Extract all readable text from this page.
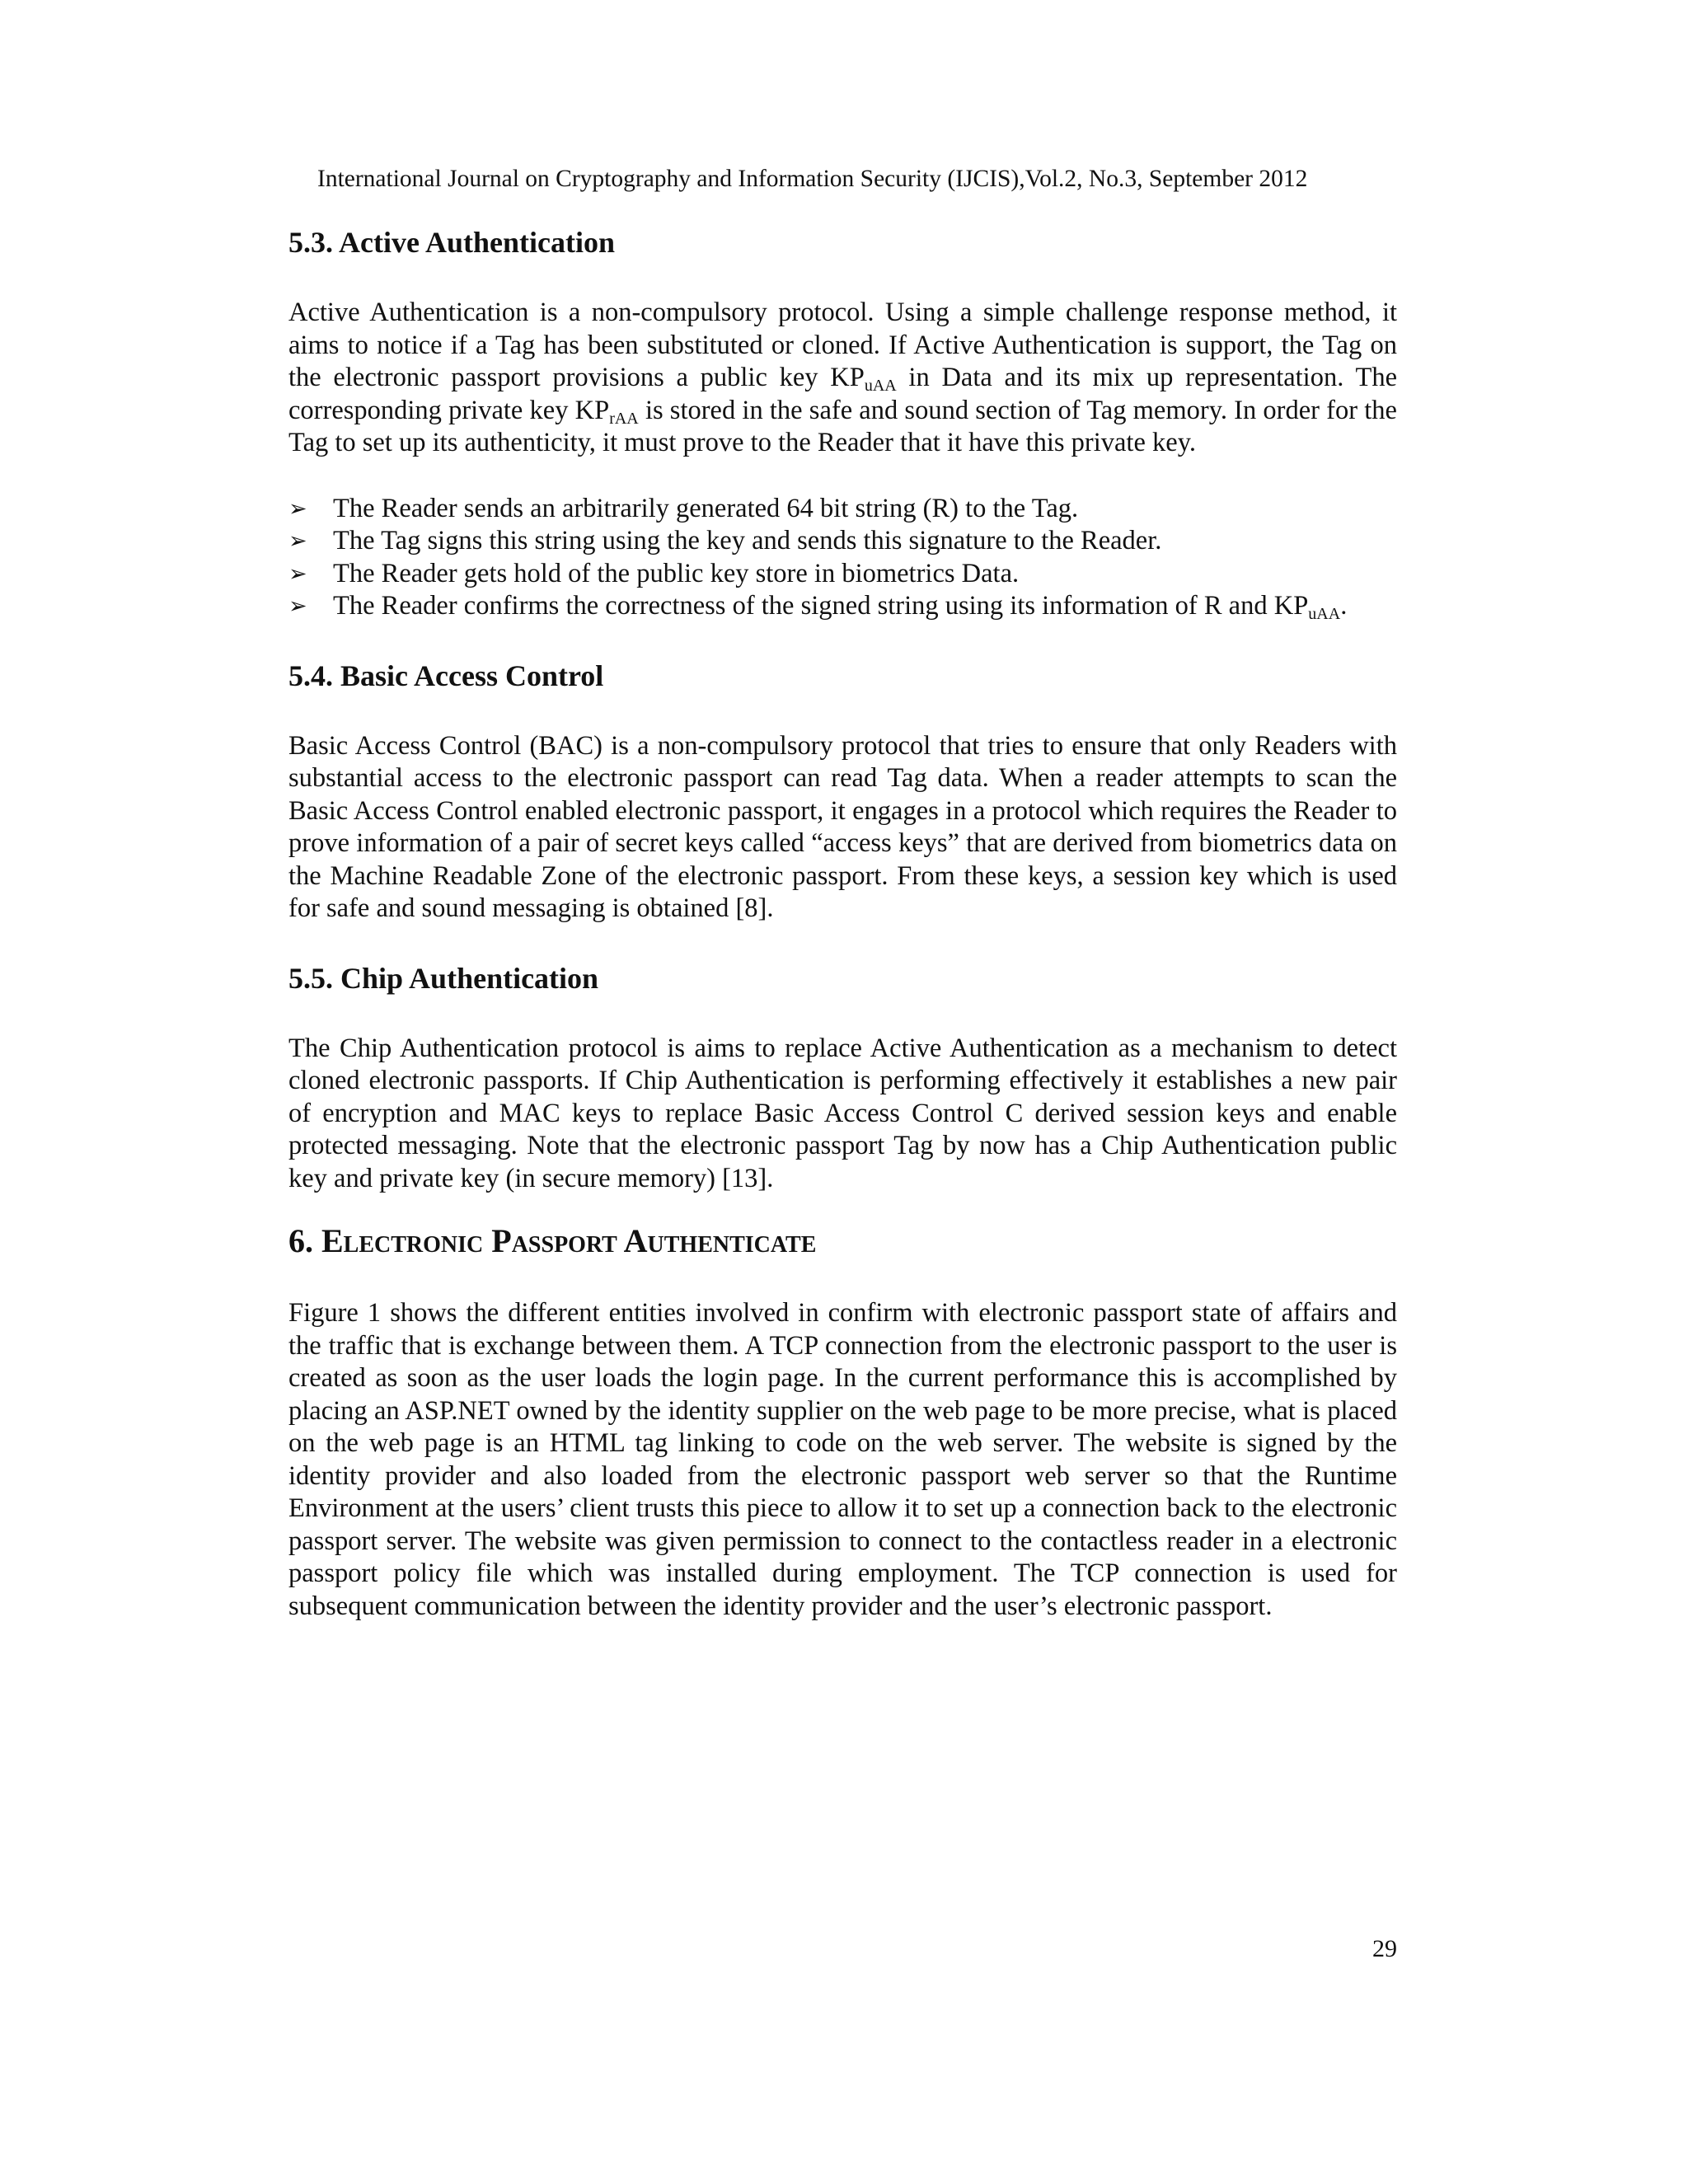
International Journal on Cryptography and Information Security (IJCIS),Vol.2, No.3, September 2012
5.3. Active Authentication

Active Authentication is a non-compulsory protocol. Using a simple challenge response method, it aims to notice if a Tag has been substituted or cloned. If Active Authentication is support, the Tag on the electronic passport provisions a public key $KP_{uAA}$ in Data and its mix up representation. The corresponding private key $KP_{rAA}$ is stored in the safe and sound section of Tag memory. In order for the Tag to set up its authenticity, it must prove to the Reader that it have this private key.

➢ The Reader sends an arbitrarily generated 64 bit string (R) to the Tag.
➢ The Tag signs this string using the key and sends this signature to the Reader.
➢ The Reader gets hold of the public key store in biometrics Data.
➢ The Reader confirms the correctness of the signed string using its information of R and $KP_{uAA}$.
5.4. Basic Access Control

Basic Access Control (BAC) is a non-compulsory protocol that tries to ensure that only Readers with substantial access to the electronic passport can read Tag data. When a reader attempts to scan the Basic Access Control enabled electronic passport, it engages in a protocol which requires the Reader to prove information of a pair of secret keys called “access keys” that are derived from biometrics data on the Machine Readable Zone of the electronic passport. From these keys, a session key which is used for safe and sound messaging is obtained [8].

5.5. Chip Authentication

The Chip Authentication protocol is aims to replace Active Authentication as a mechanism to detect cloned electronic passports. If Chip Authentication is performing effectively it establishes a new pair of encryption and MAC keys to replace Basic Access Control C derived session keys and enable protected messaging. Note that the electronic passport Tag by now has a Chip Authentication public key and private key (in secure memory) [13].

6. Electronic Passport Authenticate

Figure 1 shows the different entities involved in confirm with electronic passport state of affairs and the traffic that is exchange between them. A TCP connection from the electronic passport to the user is created as soon as the user loads the login page. In the current performance this is accomplished by placing an ASP.NET owned by the identity supplier on the web page to be more precise, what is placed on the web page is an HTML tag linking to code on the web server. The website is signed by the identity provider and also loaded from the electronic passport web server so that the Runtime Environment at the users’ client trusts this piece to allow it to set up a connection back to the electronic passport server. The website was given permission to connect to the contactless reader in a electronic passport policy file which was installed during employment. The TCP connection is used for subsequent communication between the identity provider and the user’s electronic passport.

29
